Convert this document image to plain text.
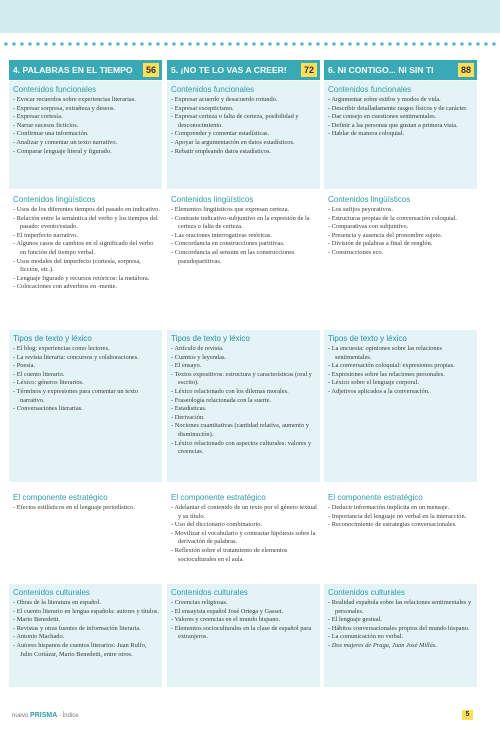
4. PALABRAS EN EL TIEMPO	56
Contenidos funcionales
- Evocar recuerdos sobre experiencias literarias.
- Expresar sorpresa, extrañeza y deseos.
- Expresar cortesía.
- Narrar sucesos ficticios.
- Confirmar una información.
- Analizar y comentar un texto narrativo.
- Comparar lenguaje literal y figurado.
Contenidos lingüísticos
- Usos de los diferentes tiempos del pasado en indicativo.
- Relación entre la semántica del verbo y los tiempos del pasado: evento/estado.
- El imperfecto narrativo.
- Algunos casos de cambios en el significado del verbo en función del tiempo verbal.
- Usos modales del imperfecto (cortesía, sorpresa, ficción, etc.).
- Lenguaje figurado y recursos retóricos: la metáfora.
- Colocaciones con adverbios en -mente.
Tipos de texto y léxico
- El blog: experiencias como lectores.
- La revista literaria: concursos y colaboraciones.
- Poesía.
- El cuento literario.
- Léxico: géneros literarios.
- Términos y expresiones para comentar un texto narrativo.
- Conversaciones literarias.
El componente estratégico
- Efectos estilísticos en el lenguaje periodístico.
Contenidos culturales
- Obras de la literatura en español.
- El cuento literario en lengua española: autores y títulos.
- Mario Benedetti.
- Revistas y otras fuentes de información literaria.
- Antonio Machado.
- Autores hispanos de cuentos literarios: Juan Rulfo, Julio Cortázar, Mario Benedetti, entre otros.
5. ¡NO TE LO VAS A CREER!	72
Contenidos funcionales
- Expresar acuerdo y desacuerdo rotundo.
- Expresar escepticismo.
- Expresar certeza o falta de certeza, posibilidad y desconocimiento.
- Comprender y comentar estadísticas.
- Apoyar la argumentación en datos estadísticos.
- Rebatir empleando datos estadísticos.
Contenidos lingüísticos
- Elementos lingüísticos que expresan certeza.
- Contraste indicativo-subjuntivo en la expresión de la certeza o falta de certeza.
- Las oraciones interrogativas retóricas.
- Concordancia en construcciones partitivas.
- Concordancia ad sensum en las construcciones pseudopartitivas.
Tipos de texto y léxico
- Artículo de revista.
- Cuentos y leyendas.
- El ensayo.
- Textos expositivos: estructura y características (oral y escrito).
- Léxico relacionado con los dilemas morales.
- Fraseología relacionada con la suerte.
- Estadísticas.
- Derivación.
- Nociones cuantitativas (cantidad relativa, aumento y disminución).
- Léxico relacionado con aspectos culturales: valores y creencias.
El componente estratégico
- Adelantar el contenido de un texto por el género textual y su título.
- Uso del diccionario combinatorio.
- Movilizar el vocabulario y contrastar hipótesis sobre la derivación de palabras.
- Reflexión sobre el tratamiento de elementos socioculturales en el aula.
Contenidos culturales
- Creencias religiosas.
- El ensayista español José Ortega y Gasset.
- Valores y creencias en el mundo hispano.
- Elementos socioculturales en la clase de español para extranjeros.
6. NI CONTIGO... NI SIN TI	88
Contenidos funcionales
- Argumentar sobre estilos y modos de vida.
- Describir detalladamente rasgos físicos y de carácter.
- Dar consejo en cuestiones sentimentales.
- Definir a las personas que gustan a primera vista.
- Hablar de manera coloquial.
Contenidos lingüísticos
- Los sufijos peyorativos.
- Estructuras propias de la conversación coloquial.
- Comparativas con subjuntivo.
- Presencia y ausencia del pronombre sujeto.
- División de palabras a final de renglón.
- Construcciones eco.
Tipos de texto y léxico
- La encuesta: opiniones sobre las relaciones sentimentales.
- La conversación coloquial: expresiones propias.
- Expresiones sobre las relaciones personales.
- Léxico sobre el lenguaje corporal.
- Adjetivos aplicados a la conversación.
El componente estratégico
- Deducir información implícita en un mensaje.
- Importancia del lenguaje no verbal en la interacción.
- Reconocimiento de estrategias conversacionales.
Contenidos culturales
- Realidad española sobre las relaciones sentimentales y personales.
- El lenguaje gestual.
- Hábitos conversacionales propios del mundo hispano.
- La comunicación no verbal.
- Dos mujeres de Praga, Juan José Millás.
nuevo PRISMA · Índice	5
